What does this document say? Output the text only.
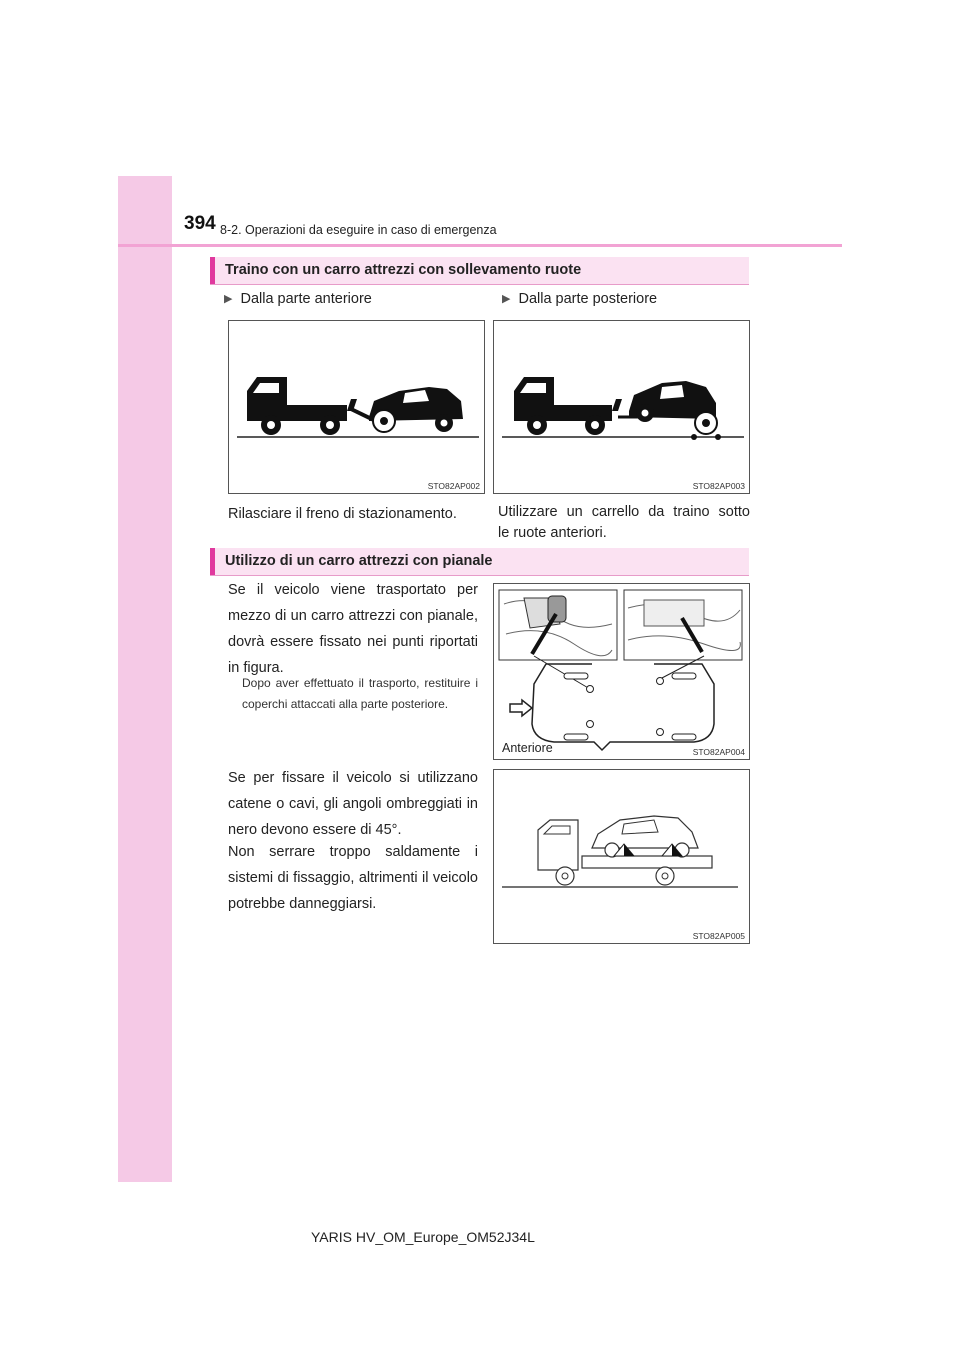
394 8-2. Operazioni da eseguire in caso di emergenza
Traino con un carro attrezzi con sollevamento ruote
▶ Dalla parte anteriore	▶ Dalla parte posteriore
STO82AP002	STO82AP003
Rilasciare il freno di stazionamento.	Utilizzare un carrello da traino sotto
le ruote anteriori.
Utilizzo di un carro attrezzi con pianale
Se il veicolo viene trasportato per mezzo di un carro attrezzi con pianale, dovrà essere fissato nei punti riportati in figura.
Dopo aver effettuato il trasporto, restituire i coperchi attaccati alla parte posteriore.
Anteriore	STO82AP004
Se per fissare il veicolo si utilizzano catene o cavi, gli angoli ombreggiati in nero devono essere di 45°.
Non serrare troppo saldamente i sistemi di fissaggio, altrimenti il veicolo potrebbe danneggiarsi.
STO82AP005
YARIS HV_OM_Europe_OM52J34L
